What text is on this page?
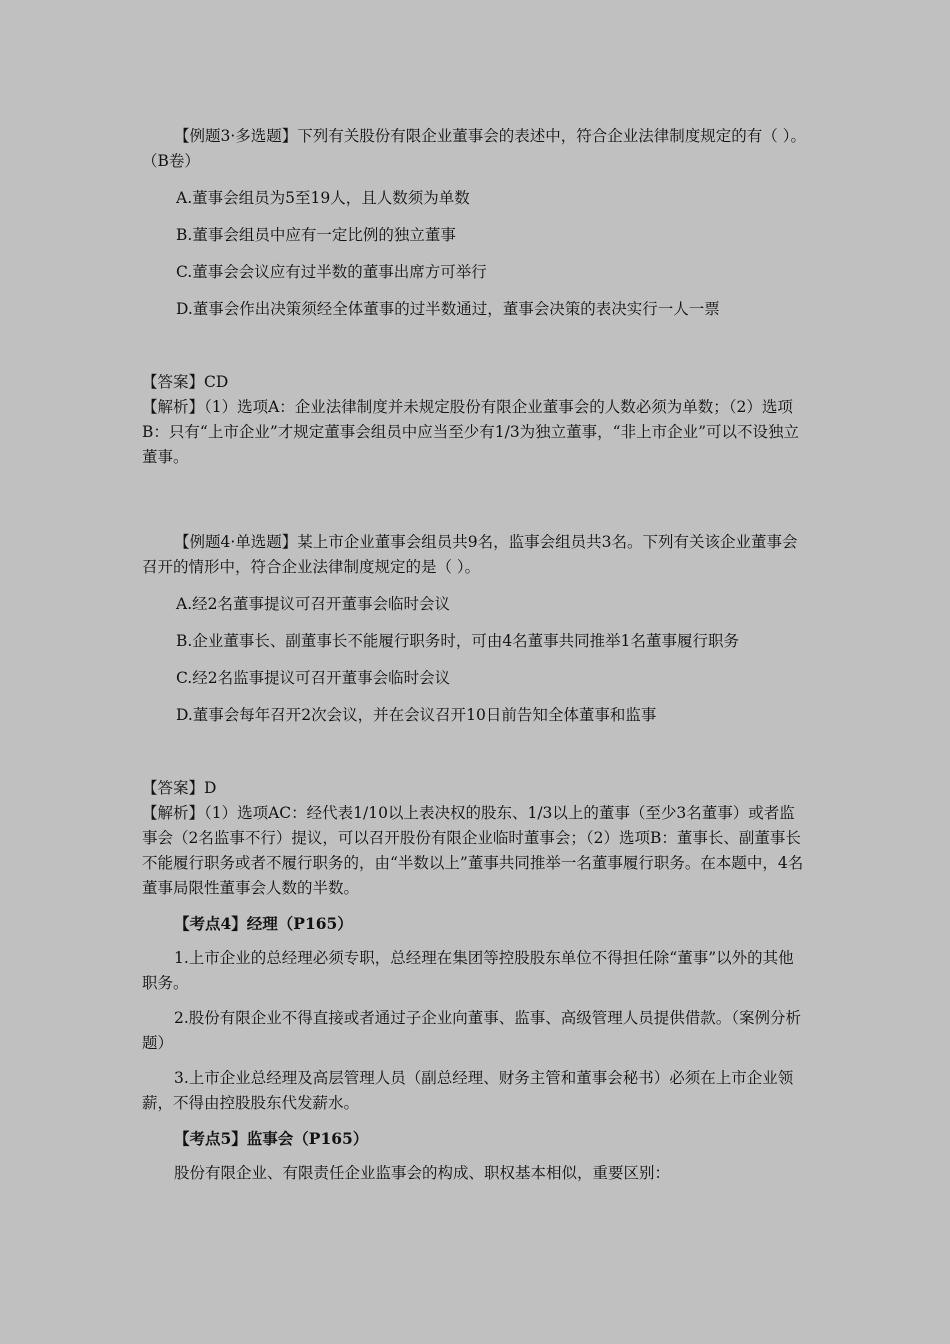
【例题3·多选题】下列有关股份有限企业董事会的表述中，符合企业法律制度规定的有（ ）。（B卷）

A.董事会组员为5至19人，且人数须为单数

B.董事会组员中应有一定比例的独立董事

C.董事会会议应有过半数的董事出席方可举行

D.董事会作出决策须经全体董事的过半数通过，董事会决策的表决实行一人一票

【答案】CD

【解析】（1）选项A：企业法律制度并未规定股份有限企业董事会的人数必须为单数；（2）选项B：只有“上市企业”才规定董事会组员中应当至少有1/3为独立董事，“非上市企业”可以不设独立董事。

【例题4·单选题】某上市企业董事会组员共9名，监事会组员共3名。下列有关该企业董事会召开的情形中，符合企业法律制度规定的是（ ）。

A.经2名董事提议可召开董事会临时会议

B.企业董事长、副董事长不能履行职务时，可由4名董事共同推举1名董事履行职务

C.经2名监事提议可召开董事会临时会议

D.董事会每年召开2次会议，并在会议召开10日前告知全体董事和监事

【答案】D

【解析】（1）选项AC：经代表1/10以上表决权的股东、1/3以上的董事（至少3名董事）或者监事会（2名监事不行）提议，可以召开股份有限企业临时董事会；（2）选项B：董事长、副董事长不能履行职务或者不履行职务的，由“半数以上”董事共同推举一名董事履行职务。在本题中，4名董事局限性董事会人数的半数。

【考点4】经理（P165）

1.上市企业的总经理必须专职，总经理在集团等控股股东单位不得担任除“董事”以外的其他职务。

2.股份有限企业不得直接或者通过子企业向董事、监事、高级管理人员提供借款。（案例分析题）

3.上市企业总经理及高层管理人员（副总经理、财务主管和董事会秘书）必须在上市企业领薪，不得由控股股东代发薪水。

【考点5】监事会（P165）

股份有限企业、有限责任企业监事会的构成、职权基本相似，重要区别：
